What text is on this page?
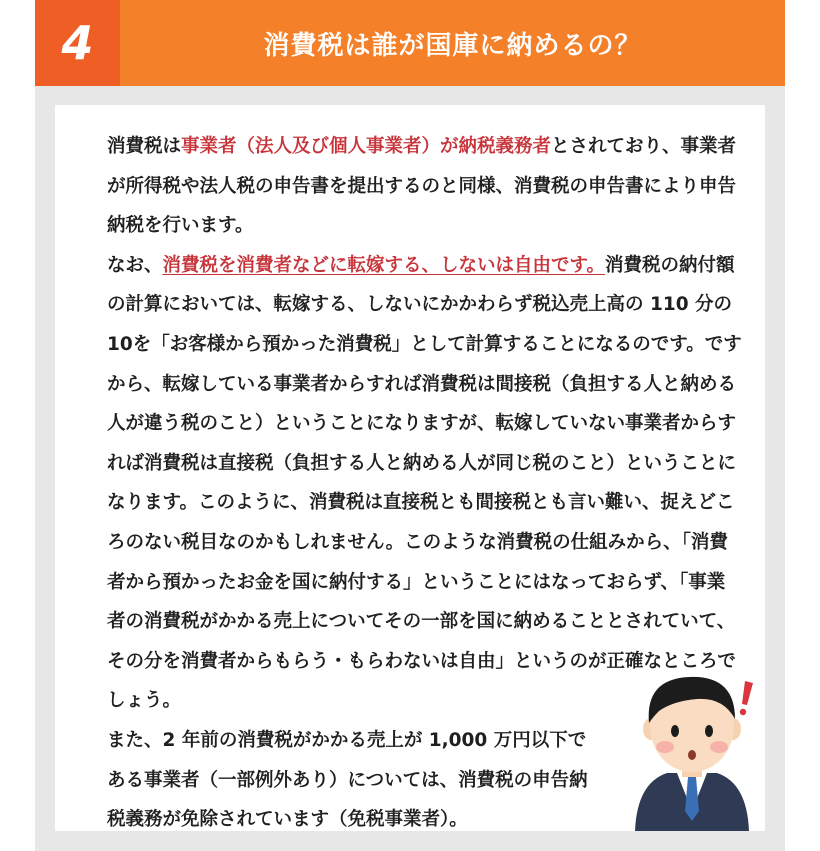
4	消費税は誰が国庫に納めるの？

消費税は事業者（法人及び個人事業者）が納税義務者とされており、事業者が所得税や法人税の申告書を提出するのと同様、消費税の申告書により申告納税を行います。

なお、消費税を消費者などに転嫁する、しないは自由です。消費税の納付額の計算においては、転嫁する、しないにかかわらず税込売上高の 110 分の10を「お客様から預かった消費税」として計算することになるのです。ですから、転嫁している事業者からすれば消費税は間接税（負担する人と納める人が違う税のこと）ということになりますが、転嫁していない事業者からすれば消費税は直接税（負担する人と納める人が同じ税のこと）ということになります。このように、消費税は直接税とも間接税とも言い難い、捉えどころのない税目なのかもしれません。このような消費税の仕組みから、「消費者から預かったお金を国に納付する」ということにはなっておらず、「事業者の消費税がかかる売上についてその一部を国に納めることとされていて、その分を消費者からもらう・もらわないは自由」というのが正確なところでしょう。

また、2 年前の消費税がかかる売上が 1,000 万円以下である事業者（一部例外あり）については、消費税の申告納税義務が免除されています（免税事業者）。
